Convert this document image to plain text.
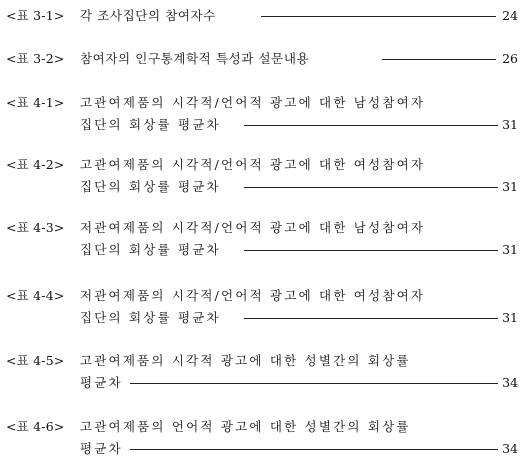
<표 3-1>	각 조사집단의 참여자수	24
<표 3-2>	참여자의 인구통계학적 특성과 설문내용	26
<표 4-1>	고관여제품의 시각적/언어적 광고에 대한 남성참여자
집단의 회상률 평균차	31
<표 4-2>	고관여제품의 시각적/언어적 광고에 대한 여성참여자
집단의 회상률 평균차	31
<표 4-3>	저관여제품의 시각적/언어적 광고에 대한 남성참여자
집단의 회상률 평균차	31
<표 4-4>	저관여제품의 시각적/언어적 광고에 대한 여성참여자
집단의 회상률 평균차	31
<표 4-5>	고관여제품의 시각적 광고에 대한 성별간의 회상률
평균차	34
<표 4-6>	고관여제품의 언어적 광고에 대한 성별간의 회상률
평균차	34
